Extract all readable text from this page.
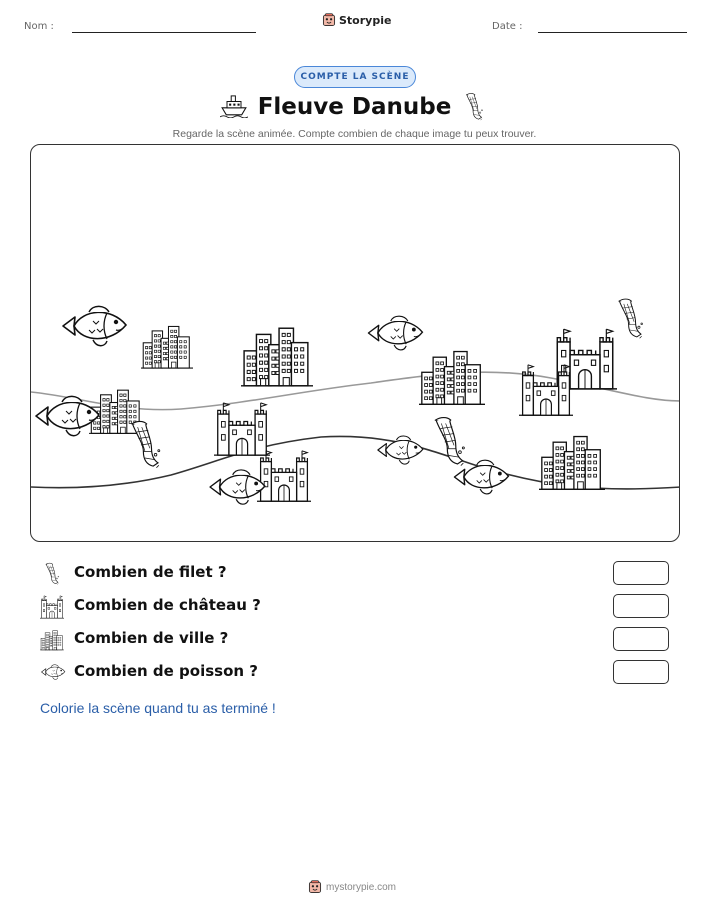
Nom :	Storypie	Date :
COMPTE LA SCÈNE
Fleuve Danube
Regarde la scène animée. Compte combien de chaque image tu peux trouver.
Combien de filet ?
Combien de château ?
Combien de ville ?
Combien de poisson ?
Colorie la scène quand tu as terminé !
mystorypie.com
